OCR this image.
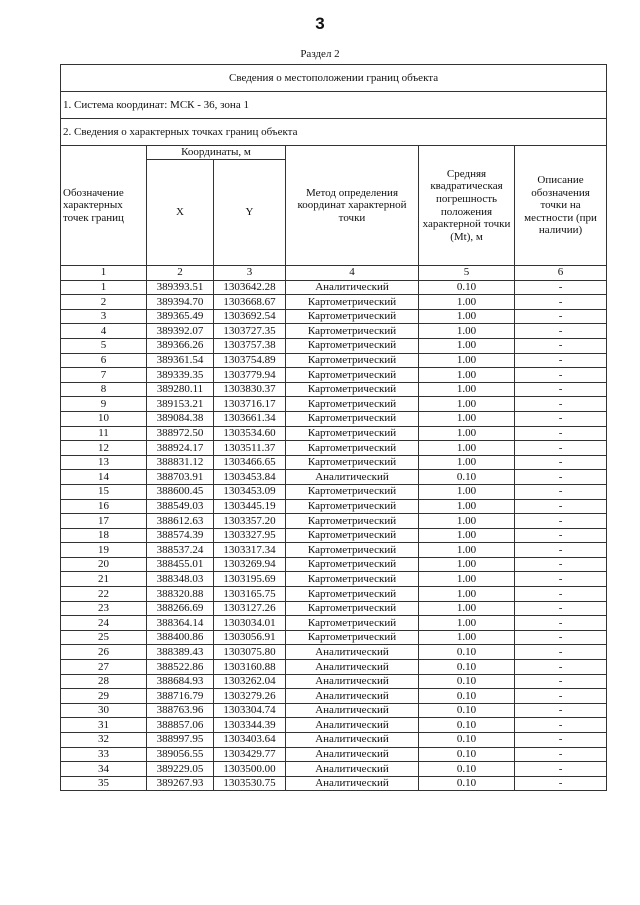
3
Раздел 2
Сведения о местоположении границ объекта					
1. Система координат: МСК - 36, зона 1					
2. Сведения о характерных точках границ объекта					
Обозначение характерных точек границ	Координаты, м		Метод определения координат характерной точки	Средняя квадратическая погрешность положения характерной точки (Mt), м	Описание обозначения точки на местности (при наличии)
	X	Y			
1	2	3	4	5	6
1	389393.51	1303642.28	Аналитический	0.10	-
2	389394.70	1303668.67	Картометрический	1.00	-
3	389365.49	1303692.54	Картометрический	1.00	-
4	389392.07	1303727.35	Картометрический	1.00	-
5	389366.26	1303757.38	Картометрический	1.00	-
6	389361.54	1303754.89	Картометрический	1.00	-
7	389339.35	1303779.94	Картометрический	1.00	-
8	389280.11	1303830.37	Картометрический	1.00	-
9	389153.21	1303716.17	Картометрический	1.00	-
10	389084.38	1303661.34	Картометрический	1.00	-
11	388972.50	1303534.60	Картометрический	1.00	-
12	388924.17	1303511.37	Картометрический	1.00	-
13	388831.12	1303466.65	Картометрический	1.00	-
14	388703.91	1303453.84	Аналитический	0.10	-
15	388600.45	1303453.09	Картометрический	1.00	-
16	388549.03	1303445.19	Картометрический	1.00	-
17	388612.63	1303357.20	Картометрический	1.00	-
18	388574.39	1303327.95	Картометрический	1.00	-
19	388537.24	1303317.34	Картометрический	1.00	-
20	388455.01	1303269.94	Картометрический	1.00	-
21	388348.03	1303195.69	Картометрический	1.00	-
22	388320.88	1303165.75	Картометрический	1.00	-
23	388266.69	1303127.26	Картометрический	1.00	-
24	388364.14	1303034.01	Картометрический	1.00	-
25	388400.86	1303056.91	Картометрический	1.00	-
26	388389.43	1303075.80	Аналитический	0.10	-
27	388522.86	1303160.88	Аналитический	0.10	-
28	388684.93	1303262.04	Аналитический	0.10	-
29	388716.79	1303279.26	Аналитический	0.10	-
30	388763.96	1303304.74	Аналитический	0.10	-
31	388857.06	1303344.39	Аналитический	0.10	-
32	388997.95	1303403.64	Аналитический	0.10	-
33	389056.55	1303429.77	Аналитический	0.10	-
34	389229.05	1303500.00	Аналитический	0.10	-
35	389267.93	1303530.75	Аналитический	0.10	-
